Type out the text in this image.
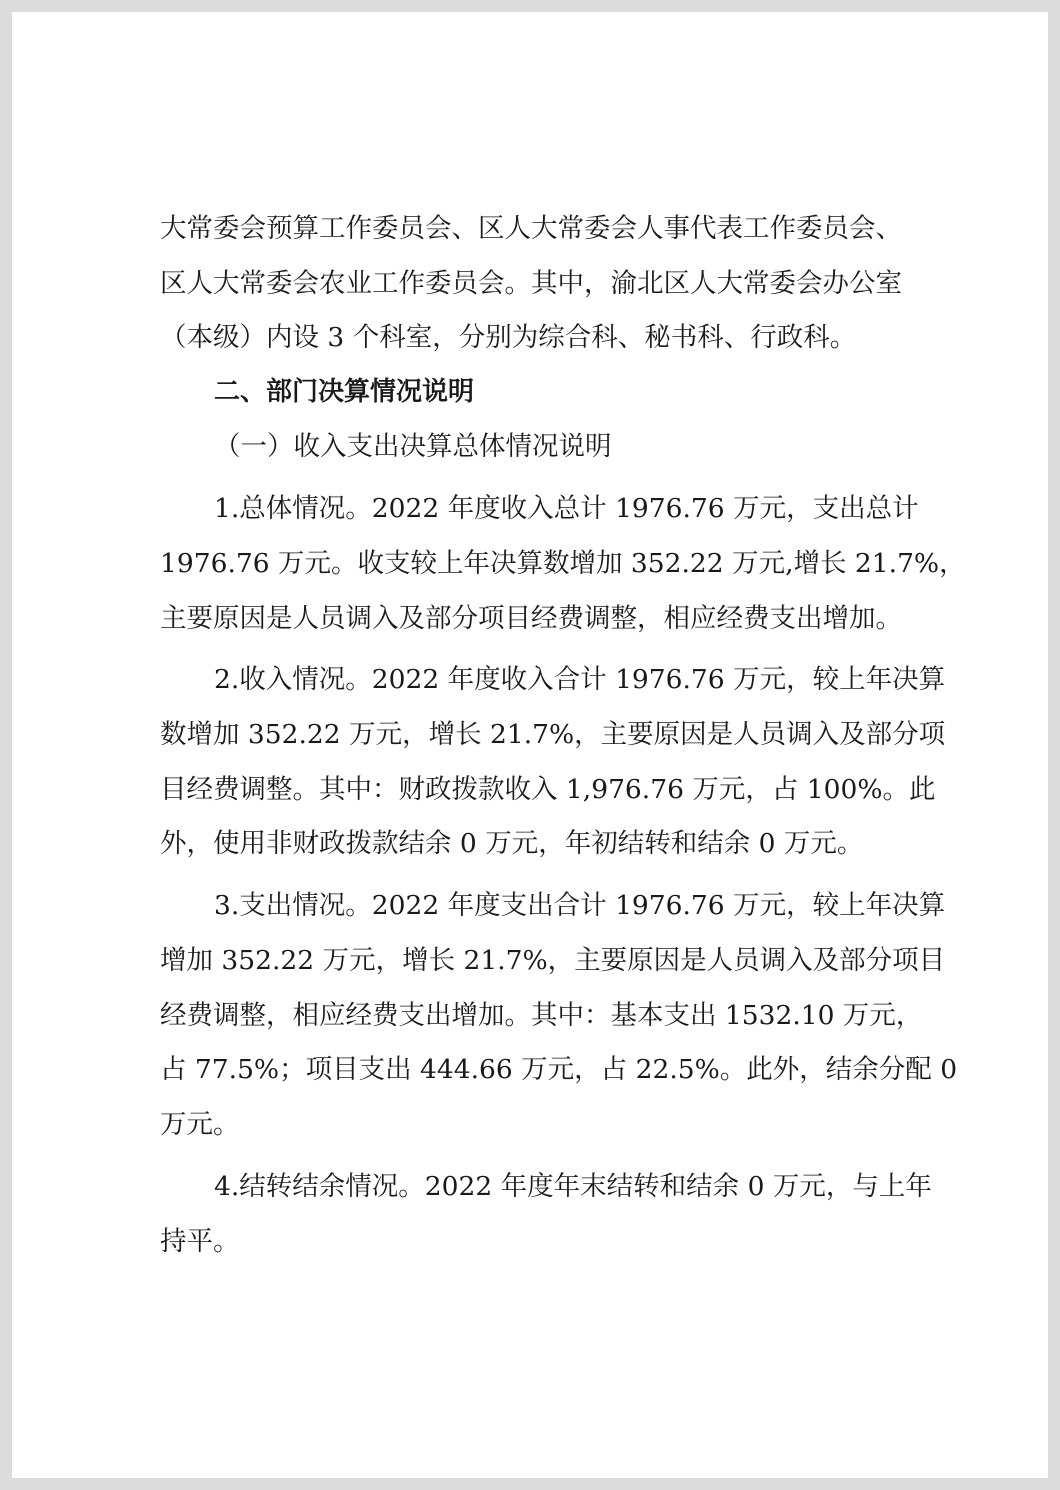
大常委会预算工作委员会、区人大常委会人事代表工作委员会、
区人大常委会农业工作委员会。其中，渝北区人大常委会办公室
（本级）内设 3 个科室，分别为综合科、秘书科、行政科。
二、部门决算情况说明
（一）收入支出决算总体情况说明
1.总体情况。2022 年度收入总计 1976.76 万元，支出总计
1976.76 万元。收支较上年决算数增加 352.22 万元,增长 21.7%，
主要原因是人员调入及部分项目经费调整，相应经费支出增加。
2.收入情况。2022 年度收入合计 1976.76 万元，较上年决算
数增加 352.22 万元，增长 21.7%，主要原因是人员调入及部分项
目经费调整。其中：财政拨款收入 1,976.76 万元，占 100%。此
外，使用非财政拨款结余 0 万元，年初结转和结余 0 万元。
3.支出情况。2022 年度支出合计 1976.76 万元，较上年决算
增加 352.22 万元，增长 21.7%，主要原因是人员调入及部分项目
经费调整，相应经费支出增加。其中：基本支出 1532.10 万元，
占 77.5%；项目支出 444.66 万元，占 22.5%。此外，结余分配 0
万元。
4.结转结余情况。2022 年度年末结转和结余 0 万元，与上年
持平。
